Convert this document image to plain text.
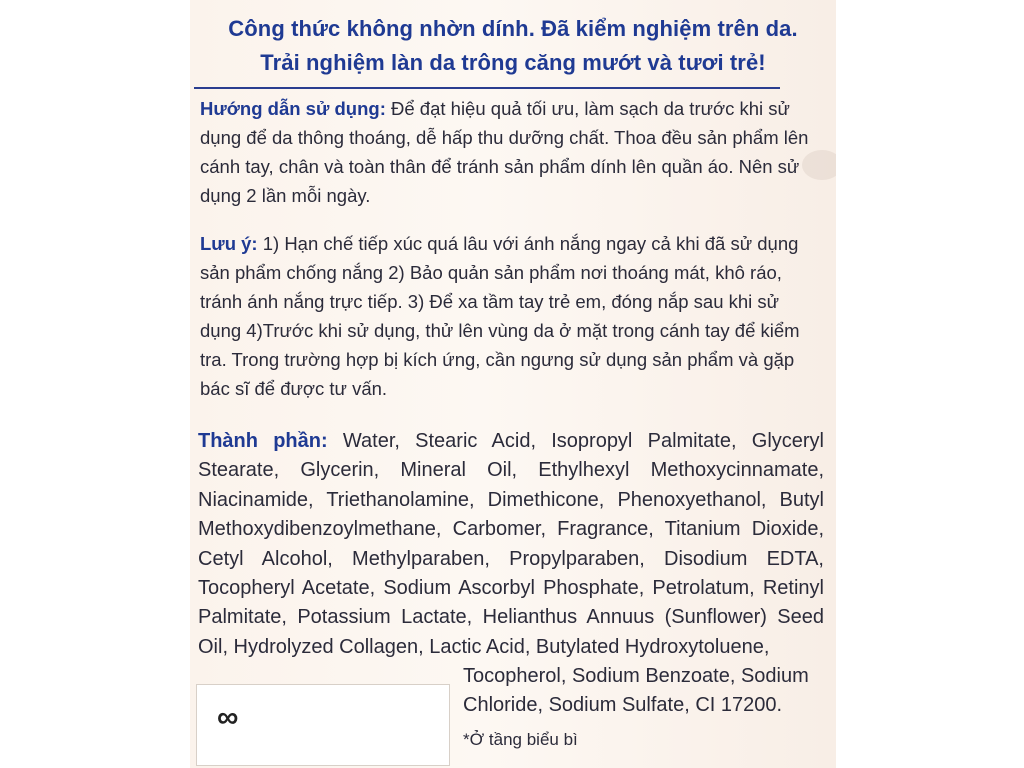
Công thức không nhờn dính. Đã kiểm nghiệm trên da.
Trải nghiệm làn da trông căng mướt và tươi trẻ!
Hướng dẫn sử dụng: Để đạt hiệu quả tối ưu, làm sạch da trước khi sử dụng để da thông thoáng, dễ hấp thu dưỡng chất. Thoa đều sản phẩm lên cánh tay, chân và toàn thân để tránh sản phẩm dính lên quần áo. Nên sử dụng 2 lần mỗi ngày.
Lưu ý: 1) Hạn chế tiếp xúc quá lâu với ánh nắng ngay cả khi đã sử dụng sản phẩm chống nắng 2) Bảo quản sản phẩm nơi thoáng mát, khô ráo, tránh ánh nắng trực tiếp. 3) Để xa tầm tay trẻ em, đóng nắp sau khi sử dụng 4)Trước khi sử dụng, thử lên vùng da ở mặt trong cánh tay để kiểm tra. Trong trường hợp bị kích ứng, cần ngưng sử dụng sản phẩm và gặp bác sĩ để được tư vấn.
Thành phần: Water, Stearic Acid, Isopropyl Palmitate, Glyceryl Stearate, Glycerin, Mineral Oil, Ethylhexyl Methoxycinnamate, Niacinamide, Triethanolamine, Dimethicone, Phenoxyethanol, Butyl Methoxydibenzoylmethane, Carbomer, Fragrance, Titanium Dioxide, Cetyl Alcohol, Methylparaben, Propylparaben, Disodium EDTA, Tocopheryl Acetate, Sodium Ascorbyl Phosphate, Petrolatum, Retinyl Palmitate, Potassium Lactate, Helianthus Annuus (Sunflower) Seed Oil, Hydrolyzed Collagen, Lactic Acid, Butylated Hydroxytoluene,
Tocopherol, Sodium Benzoate, Sodium Chloride, Sodium Sulfate, CI 17200.
∞
*Ở tầng biểu bì
